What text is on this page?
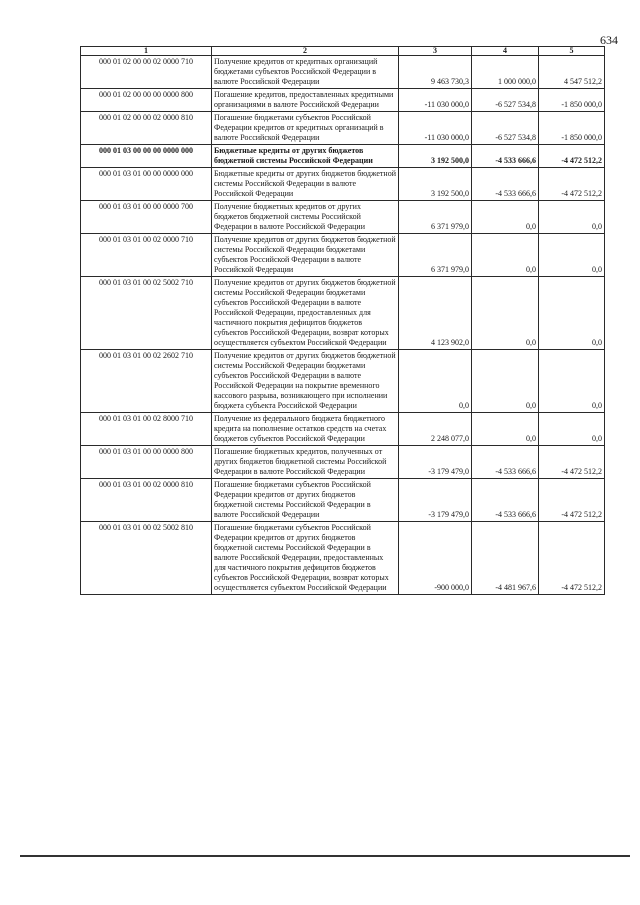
634
1	2	3	4	5
000 01 02 00 00 02 0000 710	Получение кредитов от кредитных организаций бюджетами субъектов Российской Федерации в валюте Российской Федерации	9 463 730,3	1 000 000,0	4 547 512,2
000 01 02 00 00 00 0000 800	Погашение кредитов, предоставленных кредитными организациями в валюте Российской Федерации	-11 030 000,0	-6 527 534,8	-1 850 000,0
000 01 02 00 00 02 0000 810	Погашение бюджетами субъектов Российской Федерации кредитов от кредитных организаций в валюте Российской Федерации	-11 030 000,0	-6 527 534,8	-1 850 000,0
000 01 03 00 00 00 0000 000	Бюджетные кредиты от других бюджетов бюджетной системы Российской Федерации	3 192 500,0	-4 533 666,6	-4 472 512,2
000 01 03 01 00 00 0000 000	Бюджетные кредиты от других бюджетов бюджетной системы Российской Федерации в валюте Российской Федерации	3 192 500,0	-4 533 666,6	-4 472 512,2
000 01 03 01 00 00 0000 700	Получение бюджетных кредитов от других бюджетов бюджетной системы Российской Федерации в валюте Российской Федерации	6 371 979,0	0,0	0,0
000 01 03 01 00 02 0000 710	Получение кредитов от других бюджетов бюджетной системы Российской Федерации бюджетами субъектов Российской Федерации в валюте Российской Федерации	6 371 979,0	0,0	0,0
000 01 03 01 00 02 5002 710	Получение кредитов от других бюджетов бюджетной системы Российской Федерации бюджетами субъектов Российской Федерации в валюте Российской Федерации, предоставленных для частичного покрытия дефицитов бюджетов субъектов Российской Федерации, возврат которых осуществляется субъектом Российской Федерации	4 123 902,0	0,0	0,0
000 01 03 01 00 02 2602 710	Получение кредитов от других бюджетов бюджетной системы Российской Федерации бюджетами субъектов Российской Федерации в валюте Российской Федерации на покрытие временного кассового разрыва, возникающего при исполнении бюджета субъекта Российской Федерации	0,0	0,0	0,0
000 01 03 01 00 02 8000 710	Получение из федерального бюджета бюджетного кредита на пополнение остатков средств на счетах бюджетов субъектов Российской Федерации	2 248 077,0	0,0	0,0
000 01 03 01 00 00 0000 800	Погашение бюджетных кредитов, полученных от других бюджетов бюджетной системы Российской Федерации в валюте Российской Федерации	-3 179 479,0	-4 533 666,6	-4 472 512,2
000 01 03 01 00 02 0000 810	Погашение бюджетами субъектов Российской Федерации кредитов от других бюджетов бюджетной системы Российской Федерации в валюте Российской Федерации	-3 179 479,0	-4 533 666,6	-4 472 512,2
000 01 03 01 00 02 5002 810	Погашение бюджетами субъектов Российской Федерации кредитов от других бюджетов бюджетной системы Российской Федерации в валюте Российской Федерации, предоставленных для частичного покрытия дефицитов бюджетов субъектов Российской Федерации, возврат которых осуществляется субъектом Российской Федерации	-900 000,0	-4 481 967,6	-4 472 512,2
